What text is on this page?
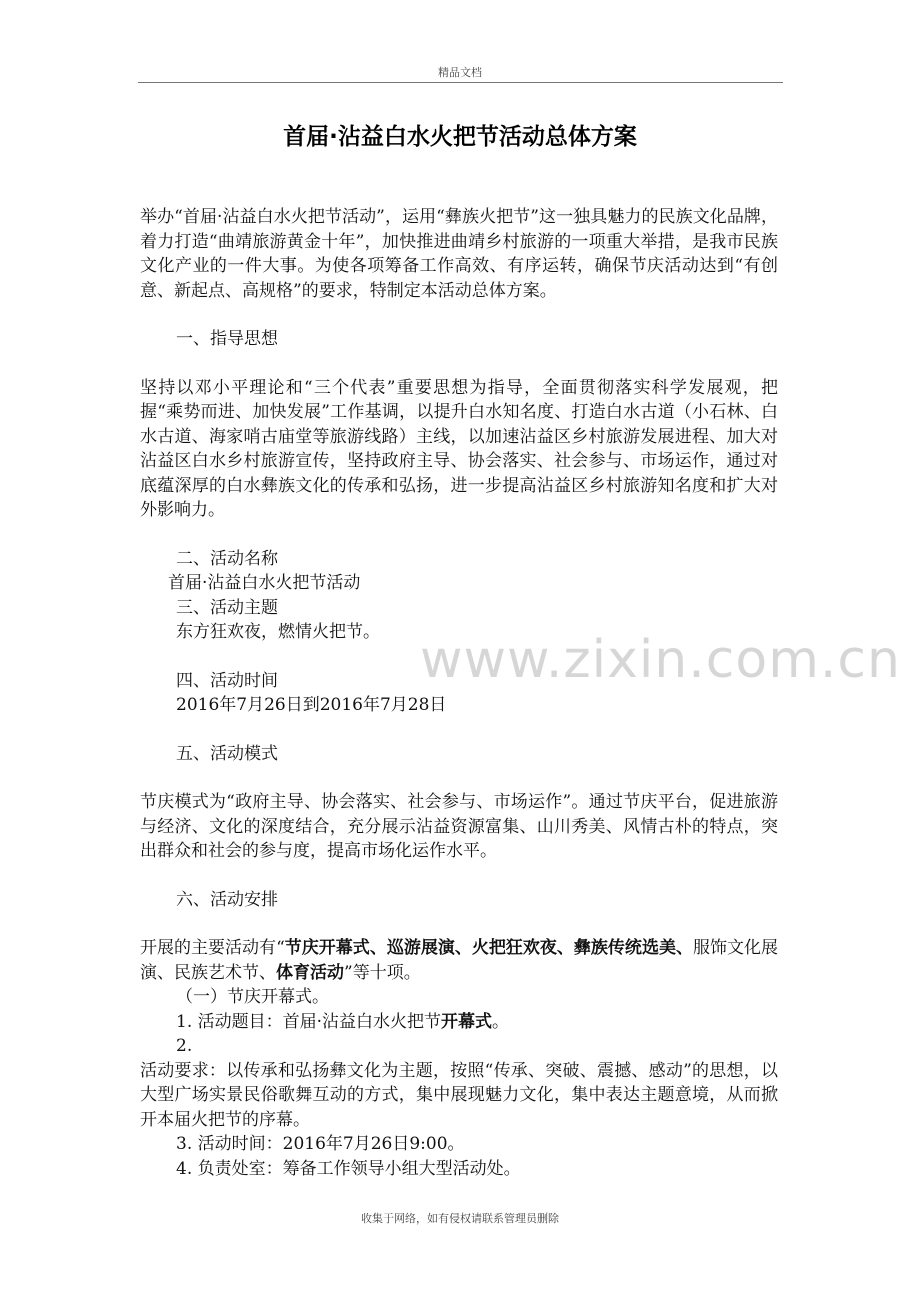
精品文档
首届·沾益白水火把节活动总体方案
www.zixin.com.cn

举办“首届·沾益白水火把节活动”，运用“彝族火把节”这一独具魅力的民族文化品牌，着力打造“曲靖旅游黄金十年”，加快推进曲靖乡村旅游的一项重大举措，是我市民族文化产业的一件大事。为使各项筹备工作高效、有序运转，确保节庆活动达到“有创意、新起点、高规格”的要求，特制定本活动总体方案。

一、指导思想

坚持以邓小平理论和“三个代表”重要思想为指导，全面贯彻落实科学发展观，把握“乘势而进、加快发展”工作基调，以提升白水知名度、打造白水古道（小石林、白水古道、海家哨古庙堂等旅游线路）主线，以加速沾益区乡村旅游发展进程、加大对沾益区白水乡村旅游宣传，坚持政府主导、协会落实、社会参与、市场运作，通过对底蕴深厚的白水彝族文化的传承和弘扬，进一步提高沾益区乡村旅游知名度和扩大对外影响力。

二、活动名称

首届·沾益白水火把节活动

三、活动主题

东方狂欢夜，燃情火把节。

四、活动时间

2016年7月26日到2016年7月28日

五、活动模式

节庆模式为“政府主导、协会落实、社会参与、市场运作”。通过节庆平台，促进旅游与经济、文化的深度结合，充分展示沾益资源富集、山川秀美、风情古朴的特点，突出群众和社会的参与度，提高市场化运作水平。

六、活动安排

开展的主要活动有“节庆开幕式、巡游展演、火把狂欢夜、彝族传统选美、服饰文化展演、民族艺术节、体育活动”等十项。

（一）节庆开幕式。

1. 活动题目：首届·沾益白水火把节开幕式。

2.

活动要求：以传承和弘扬彝文化为主题，按照“传承、突破、震撼、感动”的思想，以大型广场实景民俗歌舞互动的方式，集中展现魅力文化，集中表达主题意境，从而掀开本届火把节的序幕。

3. 活动时间：2016年7月26日9:00。

4. 负责处室：筹备工作领导小组大型活动处。

收集于网络，如有侵权请联系管理员删除
